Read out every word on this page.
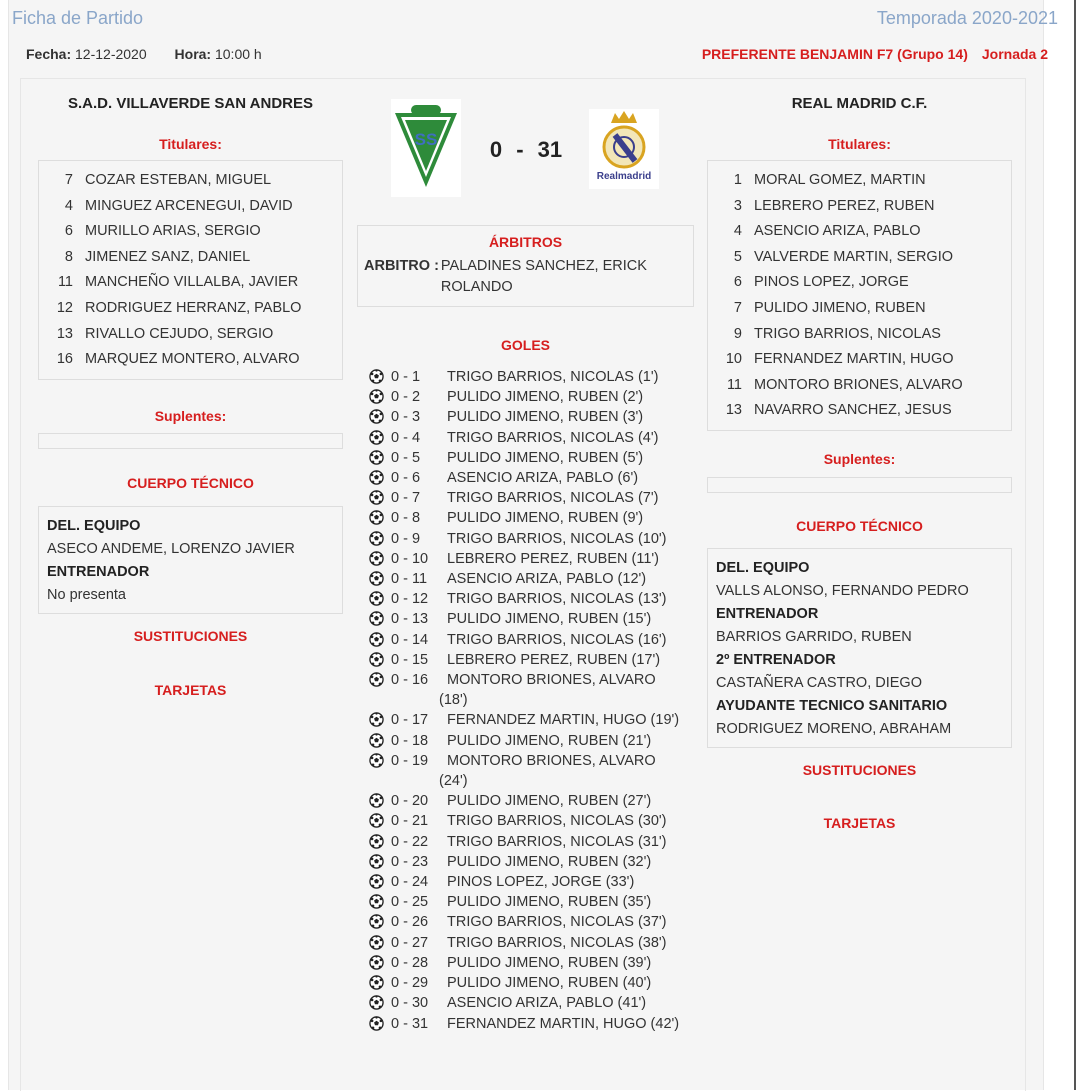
Ficha de Partido	Temporada 2020-2021
Fecha: 12-12-2020 Hora: 10:00 h	PREFERENTE BENJAMIN F7 (Grupo 14) Jornada 2
S.A.D. VILLAVERDE SAN ANDRES
Titulares:
7 COZAR ESTEBAN, MIGUEL
4 MINGUEZ ARCENEGUI, DAVID
6 MURILLO ARIAS, SERGIO
8 JIMENEZ SANZ, DANIEL
11 MANCHEÑO VILLALBA, JAVIER
12 RODRIGUEZ HERRANZ, PABLO
13 RIVALLO CEJUDO, SERGIO
16 MARQUEZ MONTERO, ALVARO
Suplentes:
CUERPO TÉCNICO
DEL. EQUIPO
ASECO ANDEME, LORENZO JAVIER
ENTRENADOR
No presenta
SUSTITUCIONES
TARJETAS
SS	0 - 31
Realmadrid
ÁRBITROS
ARBITRO : PALADINES SANCHEZ, ERICK ROLANDO
GOLES
0 - 1	TRIGO BARRIOS, NICOLAS (1')
0 - 2	PULIDO JIMENO, RUBEN (2')
0 - 3	PULIDO JIMENO, RUBEN (3')
0 - 4	TRIGO BARRIOS, NICOLAS (4')
0 - 5	PULIDO JIMENO, RUBEN (5')
0 - 6	ASENCIO ARIZA, PABLO (6')
0 - 7	TRIGO BARRIOS, NICOLAS (7')
0 - 8	PULIDO JIMENO, RUBEN (9')
0 - 9	TRIGO BARRIOS, NICOLAS (10')
0 - 10	LEBRERO PEREZ, RUBEN (11')
0 - 11	ASENCIO ARIZA, PABLO (12')
0 - 12	TRIGO BARRIOS, NICOLAS (13')
0 - 13	PULIDO JIMENO, RUBEN (15')
0 - 14	TRIGO BARRIOS, NICOLAS (16')
0 - 15	LEBRERO PEREZ, RUBEN (17')
0 - 16	MONTORO BRIONES, ALVARO
(18')
0 - 17	FERNANDEZ MARTIN, HUGO (19')
0 - 18	PULIDO JIMENO, RUBEN (21')
0 - 19	MONTORO BRIONES, ALVARO
(24')
0 - 20	PULIDO JIMENO, RUBEN (27')
0 - 21	TRIGO BARRIOS, NICOLAS (30')
0 - 22	TRIGO BARRIOS, NICOLAS (31')
0 - 23	PULIDO JIMENO, RUBEN (32')
0 - 24	PINOS LOPEZ, JORGE (33')
0 - 25	PULIDO JIMENO, RUBEN (35')
0 - 26	TRIGO BARRIOS, NICOLAS (37')
0 - 27	TRIGO BARRIOS, NICOLAS (38')
0 - 28	PULIDO JIMENO, RUBEN (39')
0 - 29	PULIDO JIMENO, RUBEN (40')
0 - 30	ASENCIO ARIZA, PABLO (41')
0 - 31	FERNANDEZ MARTIN, HUGO (42')
REAL MADRID C.F.
Titulares:
1 MORAL GOMEZ, MARTIN
3 LEBRERO PEREZ, RUBEN
4 ASENCIO ARIZA, PABLO
5 VALVERDE MARTIN, SERGIO
6 PINOS LOPEZ, JORGE
7 PULIDO JIMENO, RUBEN
9 TRIGO BARRIOS, NICOLAS
10 FERNANDEZ MARTIN, HUGO
11 MONTORO BRIONES, ALVARO
13 NAVARRO SANCHEZ, JESUS
Suplentes:
CUERPO TÉCNICO
DEL. EQUIPO
VALLS ALONSO, FERNANDO PEDRO
ENTRENADOR
BARRIOS GARRIDO, RUBEN
2º ENTRENADOR
CASTAÑERA CASTRO, DIEGO
AYUDANTE TECNICO SANITARIO
RODRIGUEZ MORENO, ABRAHAM
SUSTITUCIONES
TARJETAS
